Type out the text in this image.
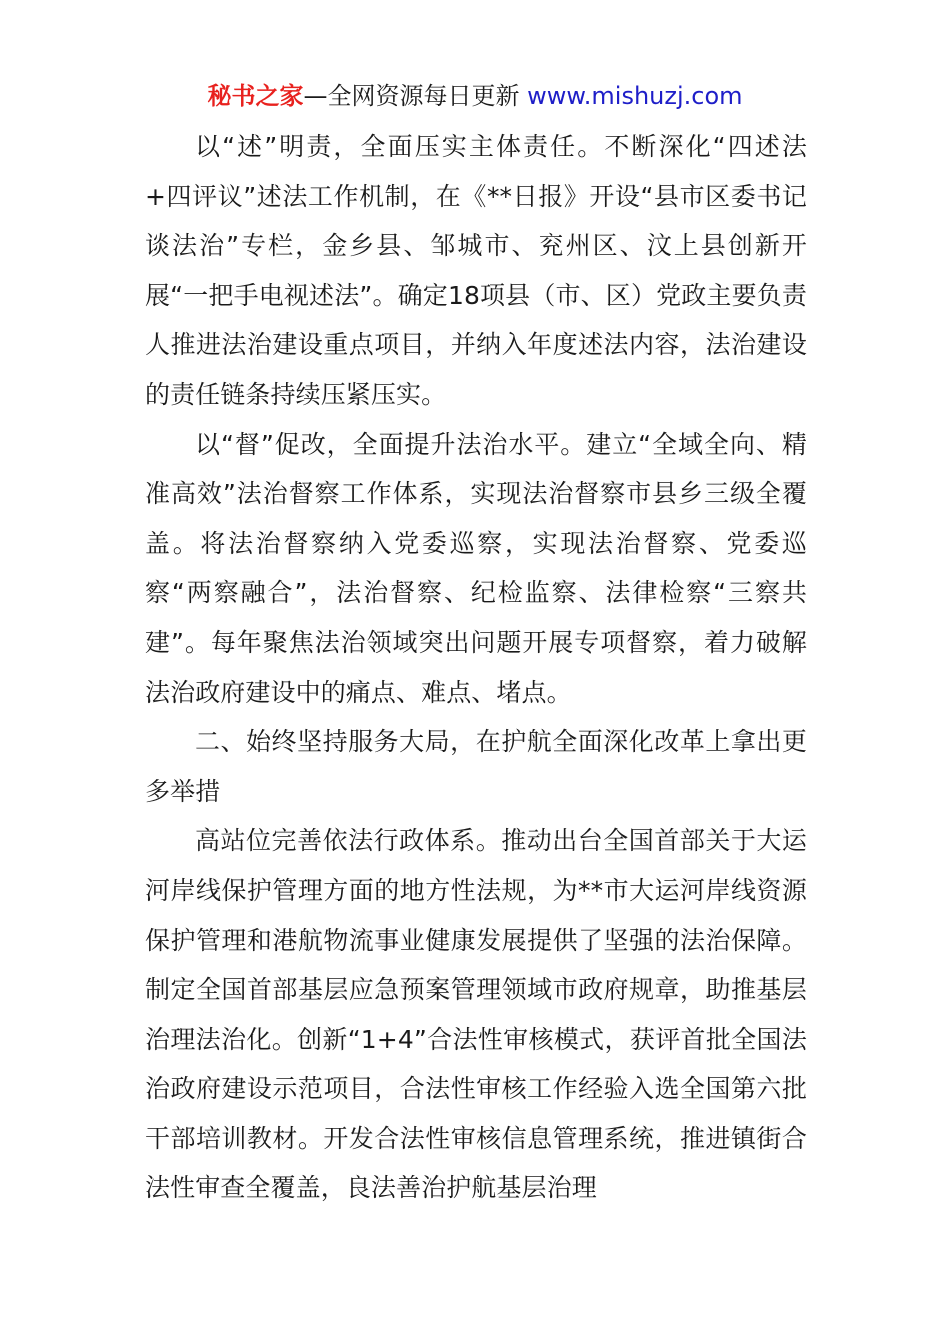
秘书之家—全网资源每日更新 www.mishuzj.com

以“述”明责，全面压实主体责任。不断深化“四述法+四评议”述法工作机制，在《**日报》开设“县市区委书记谈法治”专栏，金乡县、邹城市、兖州区、汶上县创新开展“一把手电视述法”。确定18项县（市、区）党政主要负责人推进法治建设重点项目，并纳入年度述法内容，法治建设的责任链条持续压紧压实。

以“督”促改，全面提升法治水平。建立“全域全向、精准高效”法治督察工作体系，实现法治督察市县乡三级全覆盖。将法治督察纳入党委巡察，实现法治督察、党委巡察“两察融合”，法治督察、纪检监察、法律检察“三察共建”。每年聚焦法治领域突出问题开展专项督察，着力破解法治政府建设中的痛点、难点、堵点。

二、始终坚持服务大局，在护航全面深化改革上拿出更多举措

高站位完善依法行政体系。推动出台全国首部关于大运河岸线保护管理方面的地方性法规，为**市大运河岸线资源保护管理和港航物流事业健康发展提供了坚强的法治保障。制定全国首部基层应急预案管理领域市政府规章，助推基层治理法治化。创新“1+4”合法性审核模式，获评首批全国法治政府建设示范项目，合法性审核工作经验入选全国第六批干部培训教材。开发合法性审核信息管理系统，推进镇街合法性审查全覆盖，良法善治护航基层治理
